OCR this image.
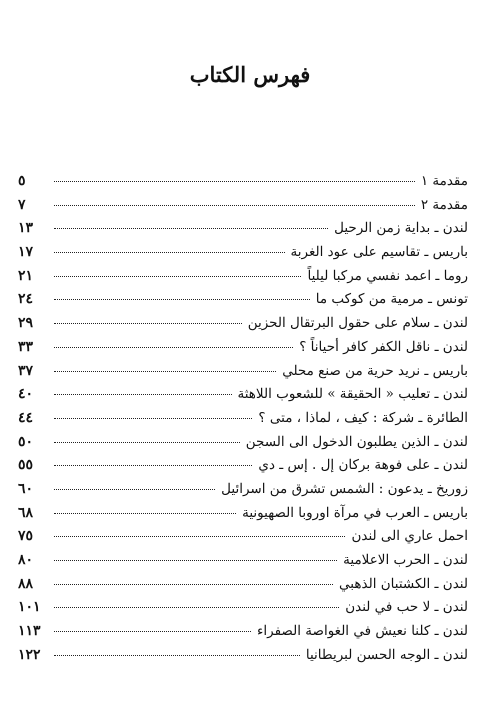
فهرس الكتاب
مقدمة ١
٥
مقدمة ٢
٧
لندن ـ بداية زمن الرحيل
١٣
باريس ـ تقاسيم على عود الغربة
١٧
روما ـ اعمد نفسي مركبا ليلياً
٢١
تونس ـ مرمية من كوكب ما
٢٤
لندن ـ سلام على حقول البرتقال الحزين
٢٩
لندن ـ ناقل الكفر كافر أحياناً ؟
٣٣
باريس ـ نريد حرية من صنع محلي
٣٧
لندن ـ تعليب « الحقيقة » للشعوب اللاهثة
٤٠
الطائرة ـ شركة : كيف ، لماذا ، متى ؟
٤٤
لندن ـ الذين يطلبون الدخول الى السجن
٥٠
لندن ـ على فوهة بركان إل . إس ـ دي
٥٥
زوريخ ـ يدعون : الشمس تشرق من اسرائيل
٦٠
باريس ـ العرب في مرآة اوروبا الصهيونية
٦٨
احمل عاري الى لندن
٧٥
لندن ـ الحرب الاعلامية
٨٠
لندن ـ الكشتبان الذهبي
٨٨
لندن ـ لا حب في لندن
١٠١
لندن ـ كلنا نعيش في الغواصة الصفراء
١١٣
لندن ـ الوجه الحسن لبريطانيا
١٢٢
